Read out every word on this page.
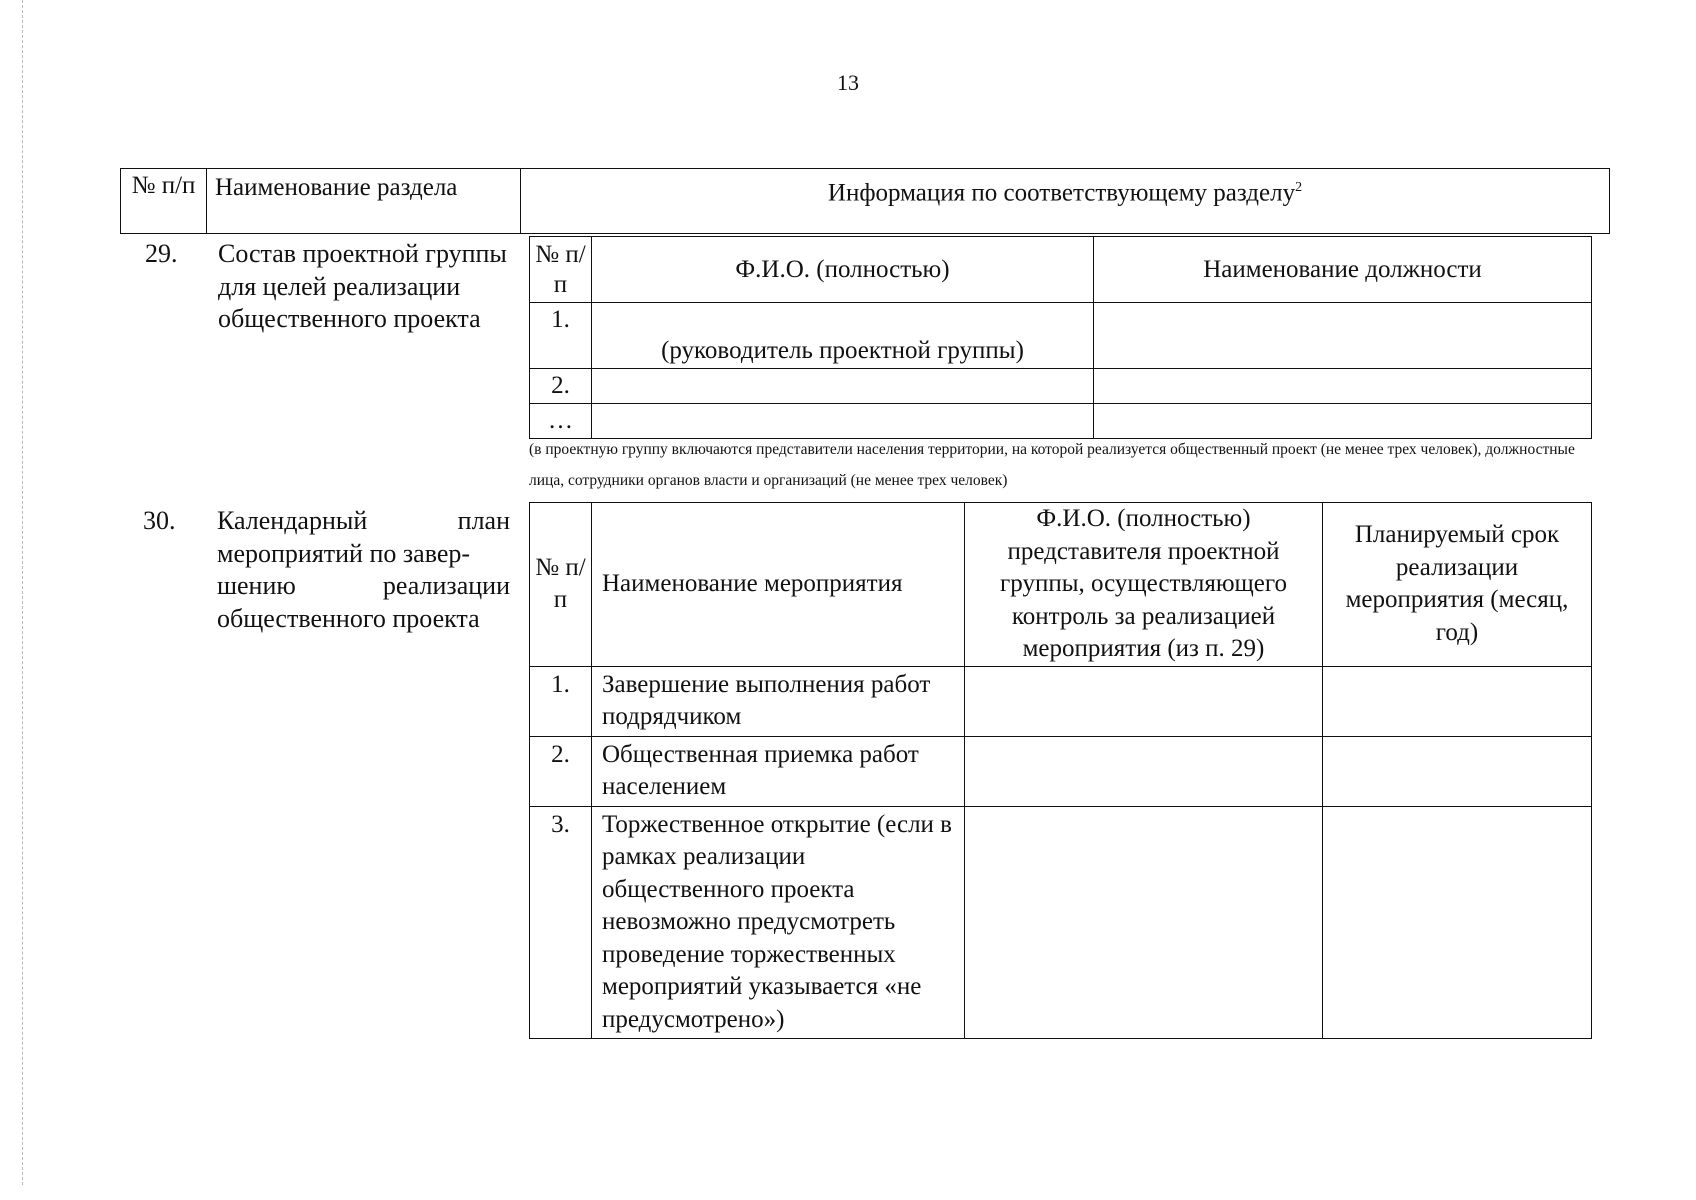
13
№ п/п	Наименование раздела	Информация по соответствующему разделу$^2$
29. Состав проектной группы для целей реализации общественного проекта
№ п/п	Ф.И.О. (полностью)	Наименование должности
1.	(руководитель проектной группы)	
2.		
…		
(в проектную группу включаются представители населения территории, на которой реализуется общественный проект (не менее трех человек), должностные лица, сотрудники органов власти и организаций (не менее трех человек)
30. Календарный	план
мероприятий по завер-
шению	реализации
общественного проекта
№ п/п	Наименование мероприятия	Ф.И.О. (полностью) представителя проектной группы, осуществляющего контроль за реализацией мероприятия (из п. 29)	Планируемый срок реализации мероприятия (месяц, год)
1.	Завершение выполнения работ подрядчиком		
2.	Общественная приемка работ населением		
3.	Торжественное открытие (если в рамках реализации общественного проекта невозможно предусмотреть проведение торжественных мероприятий указывается «не предусмотрено»)		
